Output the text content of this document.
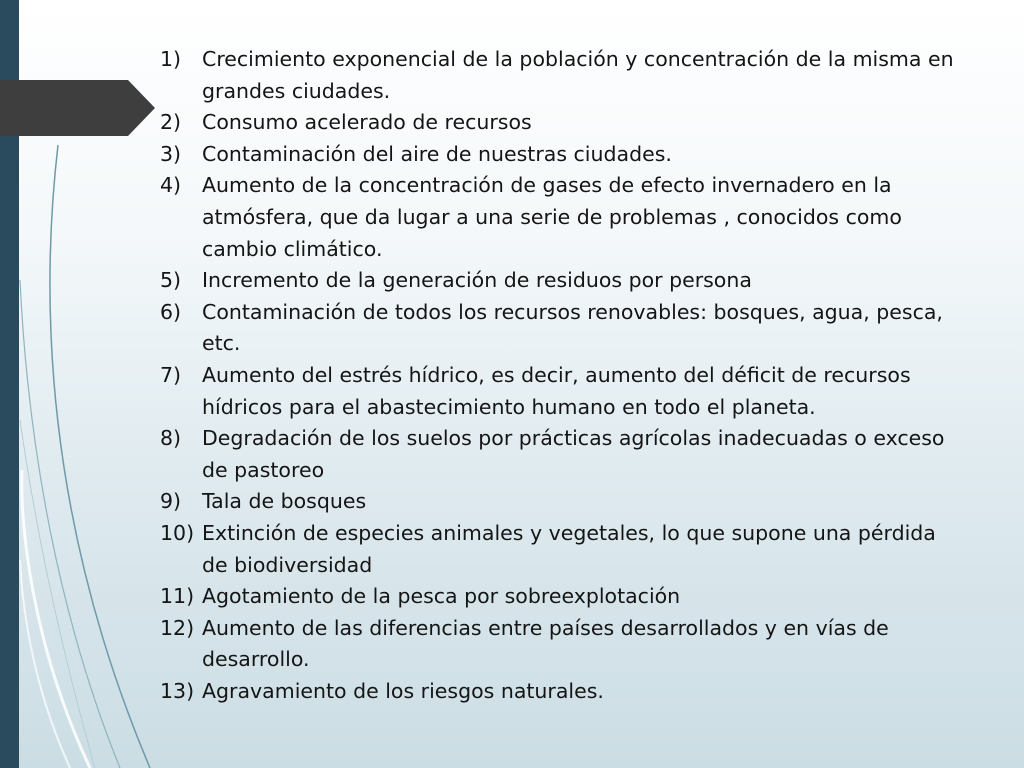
1)	Crecimiento exponencial de la población y concentración de la misma en grandes ciudades.
2)	Consumo acelerado de recursos
3)	Contaminación del aire de nuestras ciudades.
4)	Aumento de la concentración de gases de efecto invernadero en la atmósfera, que da lugar a una serie de problemas , conocidos como cambio climático.
5)	Incremento de la generación de residuos por persona
6)	Contaminación de todos los recursos renovables: bosques, agua, pesca, etc.
7)	Aumento del estrés hídrico, es decir, aumento del déficit de recursos hídricos para el abastecimiento humano en todo el planeta.
8)	Degradación de los suelos por prácticas agrícolas inadecuadas o exceso de pastoreo
9)	Tala de bosques
10) Extinción de especies animales y vegetales, lo que supone una pérdida de biodiversidad
11) Agotamiento de la pesca por sobreexplotación
12) Aumento de las diferencias entre países desarrollados y en vías de desarrollo.
13) Agravamiento de los riesgos naturales.
